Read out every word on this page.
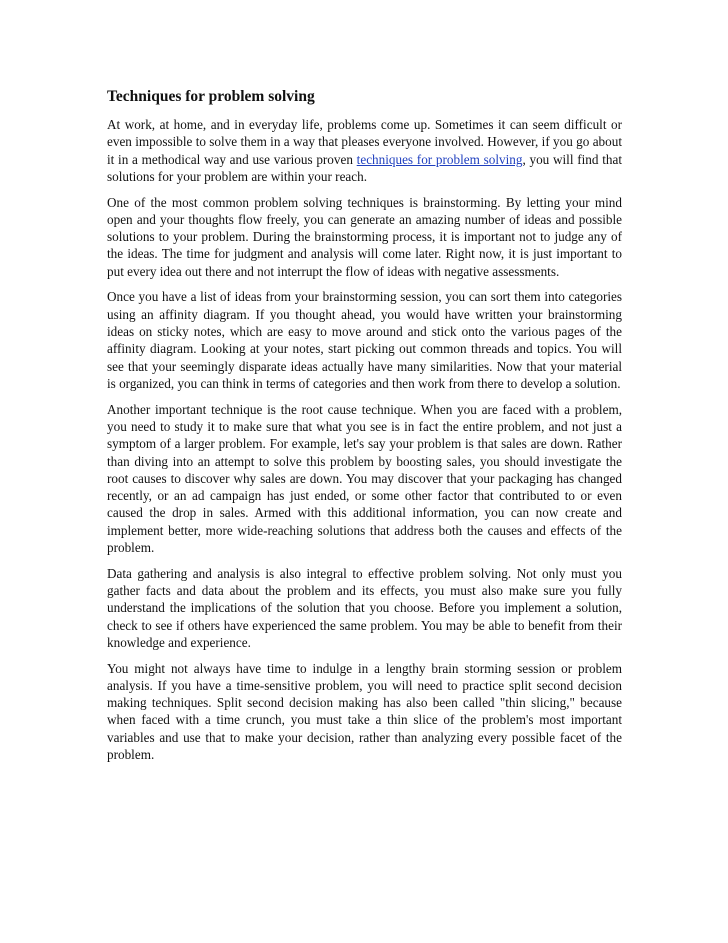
Techniques for problem solving

At work, at home, and in everyday life, problems come up. Sometimes it can seem difficult or even impossible to solve them in a way that pleases everyone involved. However, if you go about it in a methodical way and use various proven techniques for problem solving, you will find that solutions for your problem are within your reach.

One of the most common problem solving techniques is brainstorming. By letting your mind open and your thoughts flow freely, you can generate an amazing number of ideas and possible solutions to your problem. During the brainstorming process, it is important not to judge any of the ideas. The time for judgment and analysis will come later. Right now, it is just important to put every idea out there and not interrupt the flow of ideas with negative assessments.

Once you have a list of ideas from your brainstorming session, you can sort them into categories using an affinity diagram. If you thought ahead, you would have written your brainstorming ideas on sticky notes, which are easy to move around and stick onto the various pages of the affinity diagram. Looking at your notes, start picking out common threads and topics. You will see that your seemingly disparate ideas actually have many similarities. Now that your material is organized, you can think in terms of categories and then work from there to develop a solution.

Another important technique is the root cause technique. When you are faced with a problem, you need to study it to make sure that what you see is in fact the entire problem, and not just a symptom of a larger problem. For example, let's say your problem is that sales are down. Rather than diving into an attempt to solve this problem by boosting sales, you should investigate the root causes to discover why sales are down. You may discover that your packaging has changed recently, or an ad campaign has just ended, or some other factor that contributed to or even caused the drop in sales. Armed with this additional information, you can now create and implement better, more wide-reaching solutions that address both the causes and effects of the problem.

Data gathering and analysis is also integral to effective problem solving. Not only must you gather facts and data about the problem and its effects, you must also make sure you fully understand the implications of the solution that you choose. Before you implement a solution, check to see if others have experienced the same problem. You may be able to benefit from their knowledge and experience.

You might not always have time to indulge in a lengthy brain storming session or problem analysis. If you have a time-sensitive problem, you will need to practice split second decision making techniques. Split second decision making has also been called "thin slicing," because when faced with a time crunch, you must take a thin slice of the problem's most important variables and use that to make your decision, rather than analyzing every possible facet of the problem.
